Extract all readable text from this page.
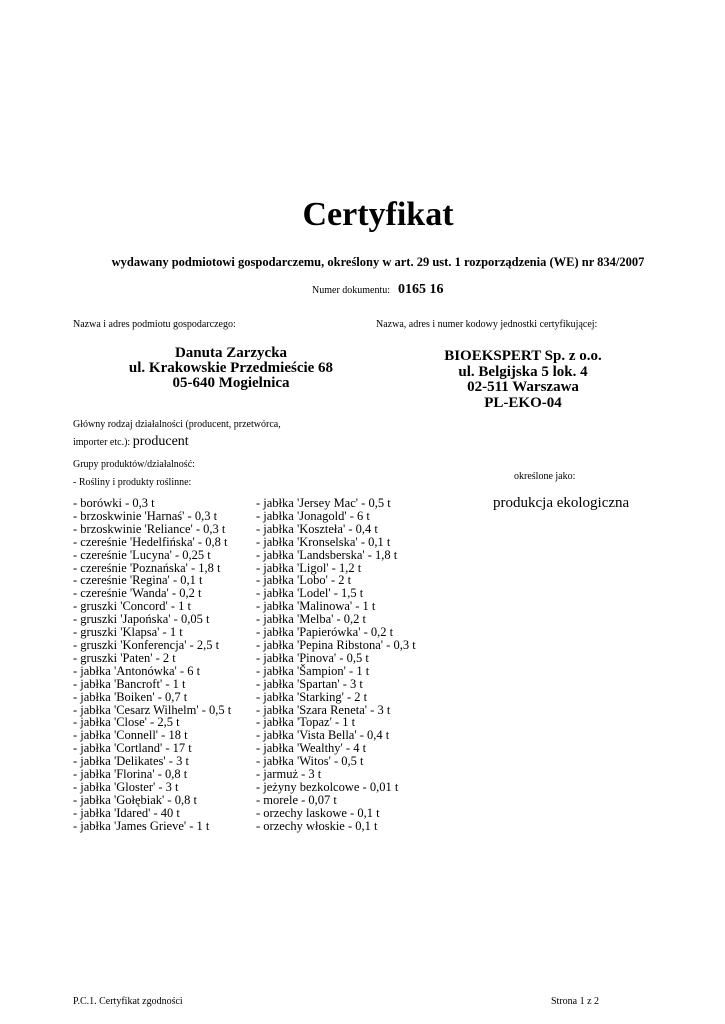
Certyfikat
wydawany podmiotowi gospodarczemu, określony w art. 29 ust. 1 rozporządzenia (WE) nr 834/2007
Numer dokumentu: 0165 16
Nazwa i adres podmiotu gospodarczego:	Nazwa, adres i numer kodowy jednostki certyfikującej:
Danuta Zarzycka
ul. Krakowskie Przedmieście 68
05-640 Mogielnica
BIOEKSPERT Sp. z o.o.
ul. Belgijska 5 lok. 4
02-511 Warszawa
PL-EKO-04
Główny rodzaj działalności (producent, przetwórca,
importer etc.): producent
Grupy produktów/działalność:
- Rośliny i produkty roślinne:
określone jako:
produkcja ekologiczna
- borówki - 0,3 t
- brzoskwinie 'Harnaś' - 0,3 t
- brzoskwinie 'Reliance' - 0,3 t
- czereśnie 'Hedelfińska' - 0,8 t
- czereśnie 'Lucyna' - 0,25 t
- czereśnie 'Poznańska' - 1,8 t
- czereśnie 'Regina' - 0,1 t
- czereśnie 'Wanda' - 0,2 t
- gruszki 'Concord' - 1 t
- gruszki 'Japońska' - 0,05 t
- gruszki 'Klapsa' - 1 t
- gruszki 'Konferencja' - 2,5 t
- gruszki 'Paten' - 2 t
- jabłka 'Antonówka' - 6 t
- jabłka 'Bancroft' - 1 t
- jabłka 'Boiken' - 0,7 t
- jabłka 'Cesarz Wilhelm' - 0,5 t
- jabłka 'Close' - 2,5 t
- jabłka 'Connell' - 18 t
- jabłka 'Cortland' - 17 t
- jabłka 'Delikates' - 3 t
- jabłka 'Florina' - 0,8 t
- jabłka 'Gloster' - 3 t
- jabłka 'Gołębiak' - 0,8 t
- jabłka 'Idared' - 40 t
- jabłka 'James Grieve' - 1 t
- jabłka 'Jersey Mac' - 0,5 t
- jabłka 'Jonagold' - 6 t
- jabłka 'Koszteła' - 0,4 t
- jabłka 'Kronselska' - 0,1 t
- jabłka 'Landsberska' - 1,8 t
- jabłka 'Ligol' - 1,2 t
- jabłka 'Lobo' - 2 t
- jabłka 'Lodel' - 1,5 t
- jabłka 'Malinowa' - 1 t
- jabłka 'Melba' - 0,2 t
- jabłka 'Papierówka' - 0,2 t
- jabłka 'Pepina Ribstona' - 0,3 t
- jabłka 'Pinova' - 0,5 t
- jabłka 'Šampion' - 1 t
- jabłka 'Spartan' - 3 t
- jabłka 'Starking' - 2 t
- jabłka 'Szara Reneta' - 3 t
- jabłka 'Topaz' - 1 t
- jabłka 'Vista Bella' - 0,4 t
- jabłka 'Wealthy' - 4 t
- jabłka 'Witos' - 0,5 t
- jarmuż - 3 t
- jeżyny bezkolcowe - 0,01 t
- morele - 0,07 t
- orzechy laskowe - 0,1 t
- orzechy włoskie - 0,1 t
P.C.1. Certyfikat zgodności	Strona 1 z 2
